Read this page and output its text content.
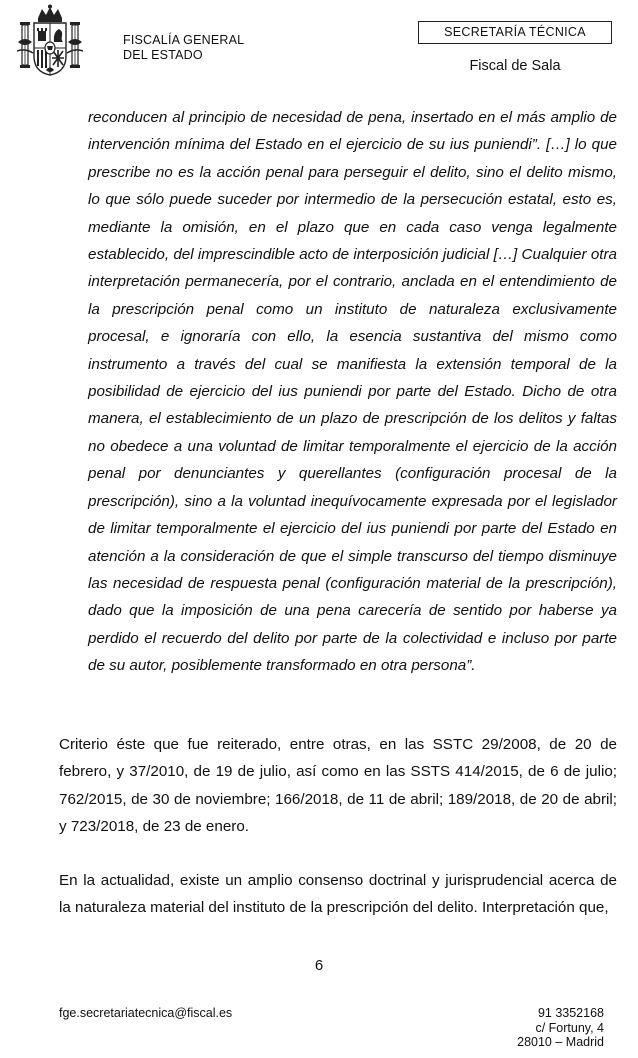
FISCALÍA GENERAL
DEL ESTADO
SECRETARÍA TÉCNICA
Fiscal de Sala

reconducen al principio de necesidad de pena, insertado en el más amplio de intervención mínima del Estado en el ejercicio de su ius puniendi”. […] lo que prescribe no es la acción penal para perseguir el delito, sino el delito mismo, lo que sólo puede suceder por intermedio de la persecución estatal, esto es, mediante la omisión, en el plazo que en cada caso venga legalmente establecido, del imprescindible acto de interposición judicial […] Cualquier otra interpretación permanecería, por el contrario, anclada en el entendimiento de la prescripción penal como un instituto de naturaleza exclusivamente procesal, e ignoraría con ello, la esencia sustantiva del mismo como instrumento a través del cual se manifiesta la extensión temporal de la posibilidad de ejercicio del ius puniendi por parte del Estado. Dicho de otra manera, el establecimiento de un plazo de prescripción de los delitos y faltas no obedece a una voluntad de limitar temporalmente el ejercicio de la acción penal por denunciantes y querellantes (configuración procesal de la prescripción), sino a la voluntad inequívocamente expresada por el legislador de limitar temporalmente el ejercicio del ius puniendi por parte del Estado en atención a la consideración de que el simple transcurso del tiempo disminuye las necesidad de respuesta penal (configuración material de la prescripción), dado que la imposición de una pena carecería de sentido por haberse ya perdido el recuerdo del delito por parte de la colectividad e incluso por parte de su autor, posiblemente transformado en otra persona”.

Criterio éste que fue reiterado, entre otras, en las SSTC 29/2008, de 20 de febrero, y 37/2010, de 19 de julio, así como en las SSTS 414/2015, de 6 de julio; 762/2015, de 30 de noviembre; 166/2018, de 11 de abril; 189/2018, de 20 de abril; y 723/2018, de 23 de enero.

En la actualidad, existe un amplio consenso doctrinal y jurisprudencial acerca de la naturaleza material del instituto de la prescripción del delito. Interpretación que,

6
fge.secretariatecnica@fiscal.es	91 3352168
c/ Fortuny, 4
28010 – Madrid
